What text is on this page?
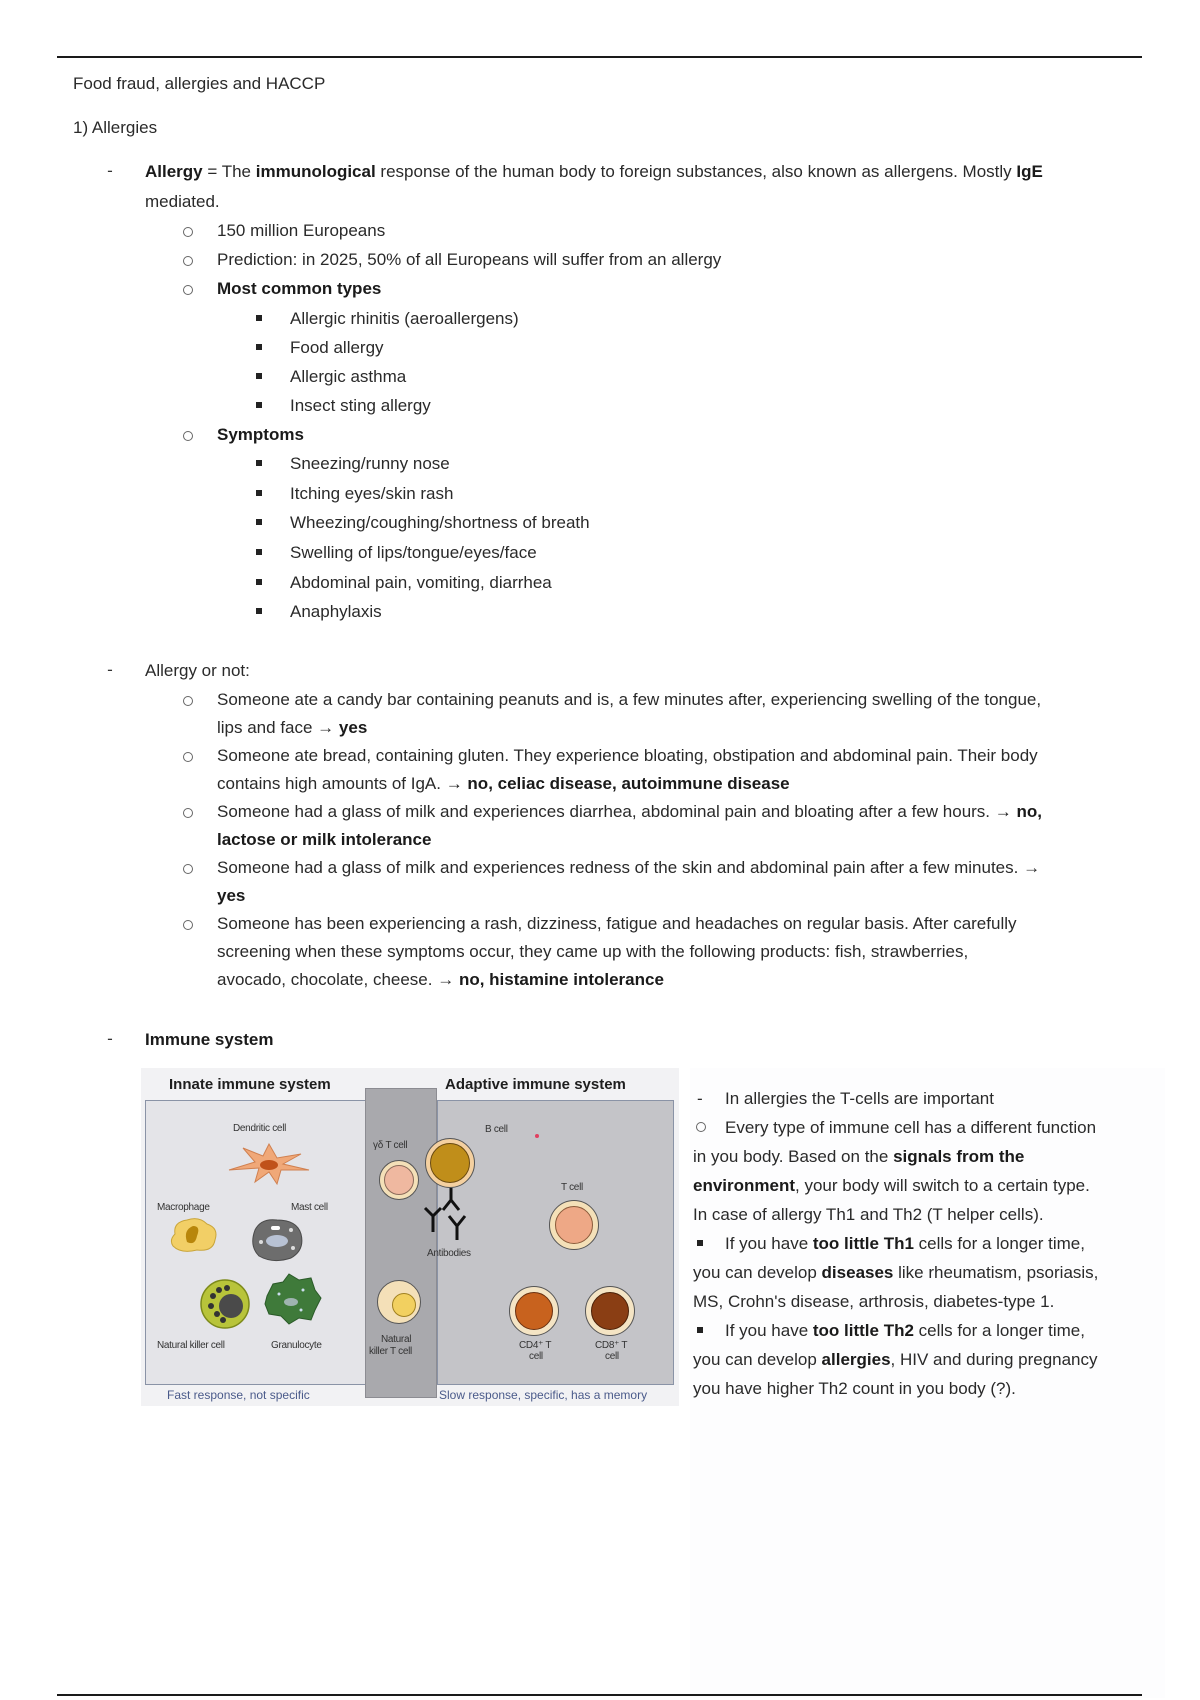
Food fraud, allergies and HACCP
1) Allergies
- Allergy = The immunological response of the human body to foreign substances, also known as allergens. Mostly IgE
mediated.
150 million Europeans
Prediction: in 2025, 50% of all Europeans will suffer from an allergy
Most common types
Allergic rhinitis (aeroallergens)
Food allergy
Allergic asthma
Insect sting allergy
Symptoms
Sneezing/runny nose
Itching eyes/skin rash
Wheezing/coughing/shortness of breath
Swelling of lips/tongue/eyes/face
Abdominal pain, vomiting, diarrhea
Anaphylaxis
- Allergy or not:
Someone ate a candy bar containing peanuts and is, a few minutes after, experiencing swelling of the tongue,
lips and face → yes
Someone ate bread, containing gluten. They experience bloating, obstipation and abdominal pain. Their body
contains high amounts of IgA. → no, celiac disease, autoimmune disease
Someone had a glass of milk and experiences diarrhea, abdominal pain and bloating after a few hours. → no,
lactose or milk intolerance
Someone had a glass of milk and experiences redness of the skin and abdominal pain after a few minutes. →
yes
Someone has been experiencing a rash, dizziness, fatigue and headaches on regular basis. After carefully
screening when these symptoms occur, they came up with the following products: fish, strawberries,
avocado, chocolate, cheese. → no, histamine intolerance
- Immune system
Innate immune system	Adaptive immune system
Dendritic cell
Macrophage	Mast cell
Natural killer cell	Granulocyte
γδ T cell
Natural
killer T cell
B cell
Antibodies
T cell
CD4⁺ T
cell
CD8⁺ T
cell
Fast response, not specific	Slow response, specific, has a memory
- In allergies the T-cells are important
Every type of immune cell has a different function
in you body. Based on the signals from the
environment, your body will switch to a certain type.
In case of allergy Th1 and Th2 (T helper cells).
If you have too little Th1 cells for a longer time,
you can develop diseases like rheumatism, psoriasis,
MS, Crohn's disease, arthrosis, diabetes-type 1.
If you have too little Th2 cells for a longer time,
you can develop allergies, HIV and during pregnancy
you have higher Th2 count in you body (?).
